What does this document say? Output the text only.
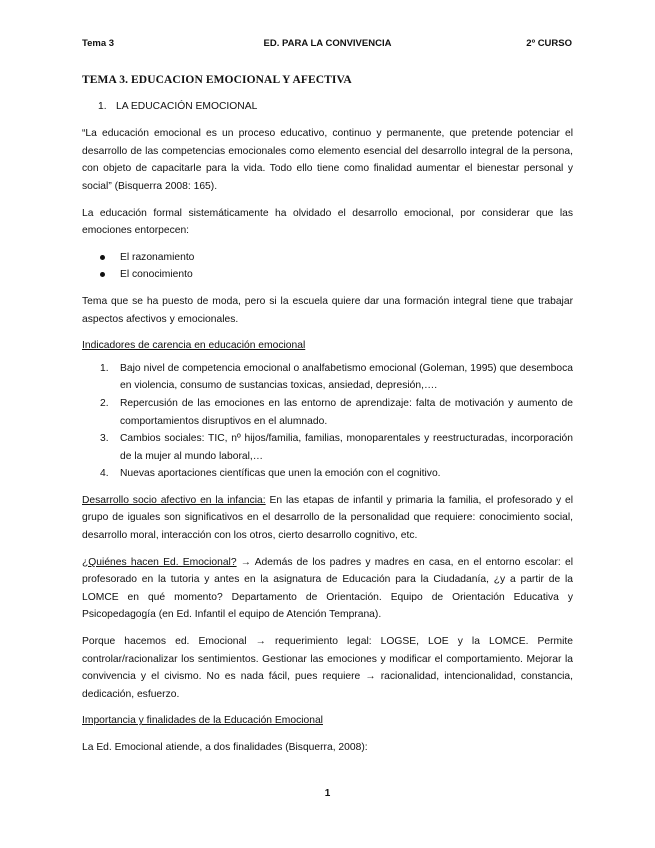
Tema 3	ED. PARA LA CONVIVENCIA	2º CURSO
TEMA 3. EDUCACION EMOCIONAL Y AFECTIVA
1. LA EDUCACIÓN EMOCIONAL

“La educación emocional es un proceso educativo, continuo y permanente, que pretende potenciar el desarrollo de las competencias emocionales como elemento esencial del desarrollo integral de la persona, con objeto de capacitarle para la vida. Todo ello tiene como finalidad aumentar el bienestar personal y social” (Bisquerra 2008: 165).

La educación formal sistemáticamente ha olvidado el desarrollo emocional, por considerar que las emociones entorpecen:

El razonamiento
El conocimiento

Tema que se ha puesto de moda, pero si la escuela quiere dar una formación integral tiene que trabajar aspectos afectivos y emocionales.

Indicadores de carencia en educación emocional

1.	Bajo nivel de competencia emocional o analfabetismo emocional (Goleman, 1995) que desemboca en violencia, consumo de sustancias toxicas, ansiedad, depresión,….
2.	Repercusión de las emociones en las entorno de aprendizaje: falta de motivación y aumento de comportamientos disruptivos en el alumnado.
3.	Cambios sociales: TIC, nº hijos/familia, familias, monoparentales y reestructuradas, incorporación de la mujer al mundo laboral,…
4.	Nuevas aportaciones científicas que unen la emoción con el cognitivo.

Desarrollo socio afectivo en la infancia: En las etapas de infantil y primaria la familia, el profesorado y el grupo de iguales son significativos en el desarrollo de la personalidad que requiere: conocimiento social, desarrollo moral, interacción con los otros, cierto desarrollo cognitivo, etc.

¿Quiénes hacen Ed. Emocional? → Además de los padres y madres en casa, en el entorno escolar: el profesorado en la tutoria y antes en la asignatura de Educación para la Ciudadanía, ¿y a partir de la LOMCE en qué momento? Departamento de Orientación. Equipo de Orientación Educativa y Psicopedagogía (en Ed. Infantil el equipo de Atención Temprana).

Porque hacemos ed. Emocional → requerimiento legal: LOGSE, LOE y la LOMCE. Permite controlar/racionalizar los sentimientos. Gestionar las emociones y modificar el comportamiento. Mejorar la convivencia y el civismo. No es nada fácil, pues requiere → racionalidad, intencionalidad, constancia, dedicación, esfuerzo.

Importancia y finalidades de la Educación Emocional

La Ed. Emocional atiende, a dos finalidades (Bisquerra, 2008):

1
